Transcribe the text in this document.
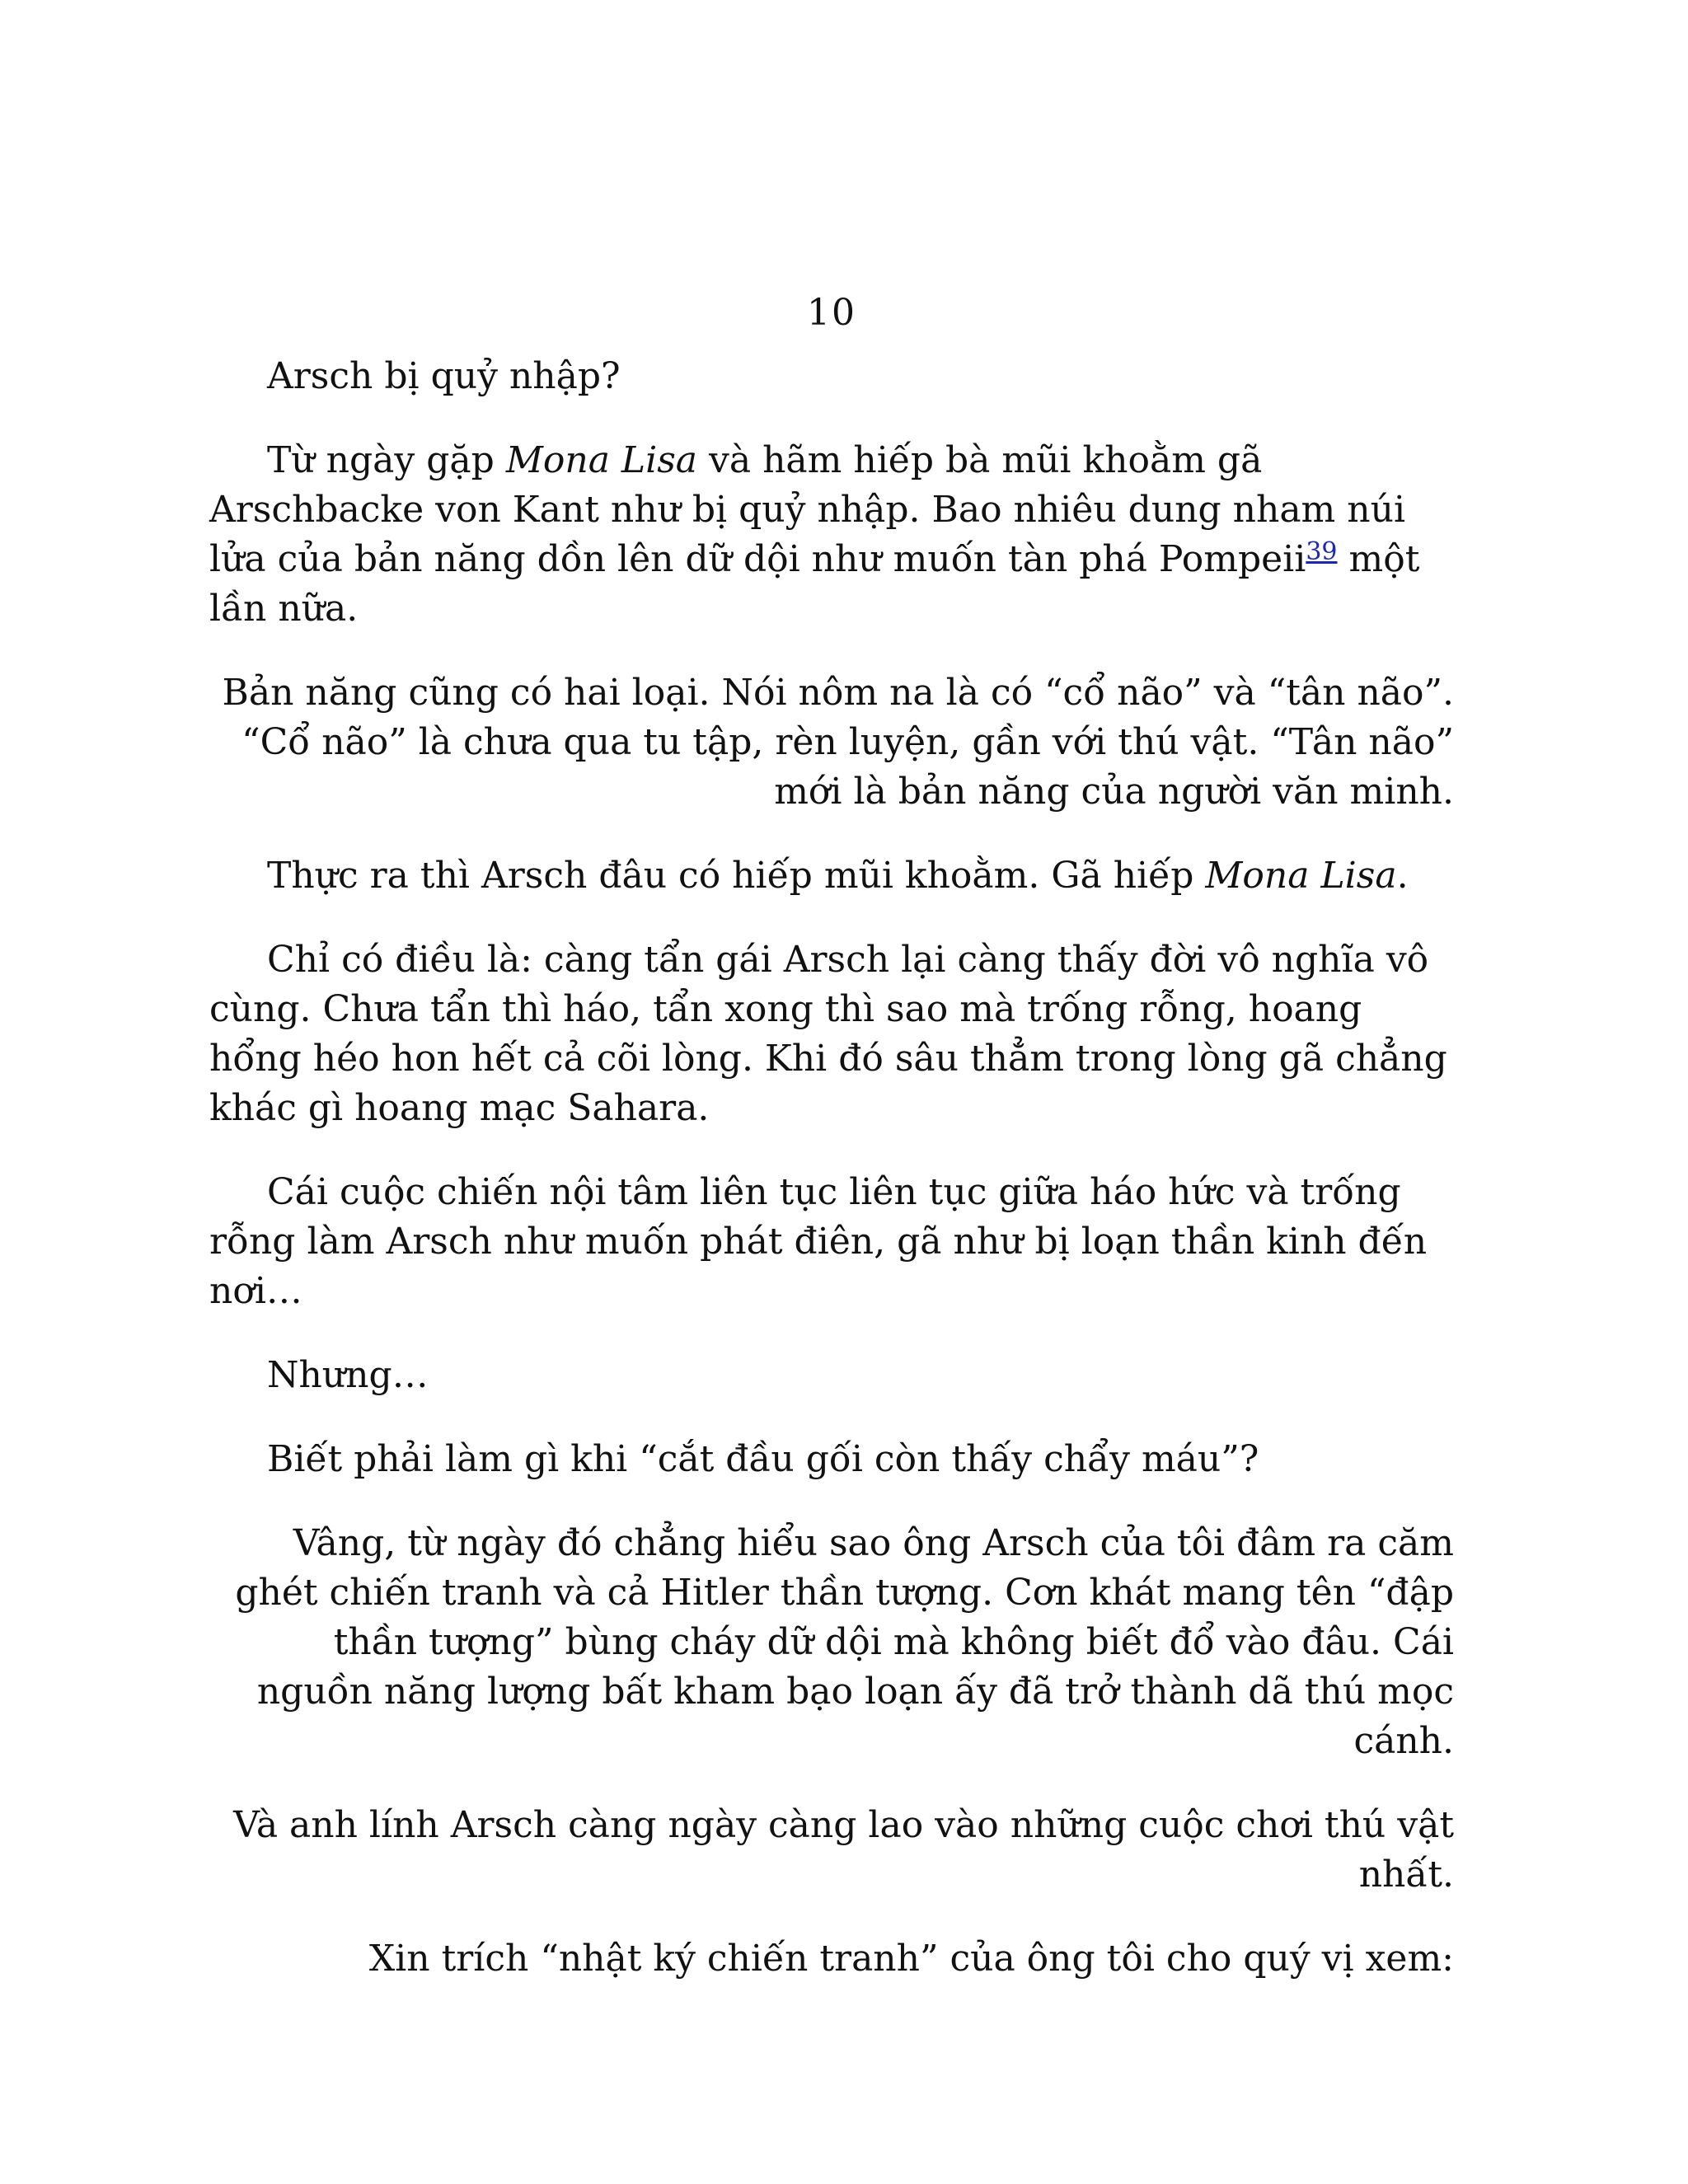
10

Arsch bị quỷ nhập?

Từ ngày gặp Mona Lisa và hãm hiếp bà mũi khoằm gã Arschbacke von Kant như bị quỷ nhập. Bao nhiêu dung nham núi lửa của bản năng dồn lên dữ dội như muốn tàn phá Pompeii$^{39}$ một lần nữa.

Bản năng cũng có hai loại. Nói nôm na là có “cổ não” và “tân não”. “Cổ não” là chưa qua tu tập, rèn luyện, gần với thú vật. “Tân não” mới là bản năng của người văn minh.

Thực ra thì Arsch đâu có hiếp mũi khoằm. Gã hiếp Mona Lisa.

Chỉ có điều là: càng tẩn gái Arsch lại càng thấy đời vô nghĩa vô cùng. Chưa tẩn thì háo, tẩn xong thì sao mà trống rỗng, hoang hổng héo hon hết cả cõi lòng. Khi đó sâu thẳm trong lòng gã chẳng khác gì hoang mạc Sahara.

Cái cuộc chiến nội tâm liên tục liên tục giữa háo hức và trống rỗng làm Arsch như muốn phát điên, gã như bị loạn thần kinh đến nơi…

Nhưng…

Biết phải làm gì khi “cắt đầu gối còn thấy chẩy máu”?

Vâng, từ ngày đó chẳng hiểu sao ông Arsch của tôi đâm ra căm ghét chiến tranh và cả Hitler thần tượng. Cơn khát mang tên “đập thần tượng” bùng cháy dữ dội mà không biết đổ vào đâu. Cái nguồn năng lượng bất kham bạo loạn ấy đã trở thành dã thú mọc cánh.

Và anh lính Arsch càng ngày càng lao vào những cuộc chơi thú vật nhất.

Xin trích “nhật ký chiến tranh” của ông tôi cho quý vị xem:
